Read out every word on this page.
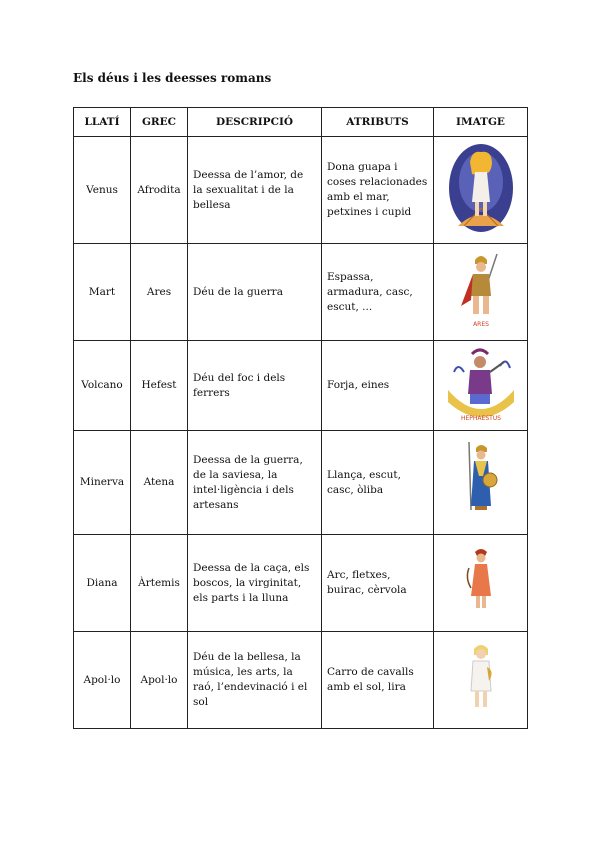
Els déus i les deesses romans
LLATÍ	GREC	DESCRIPCIÓ	ATRIBUTS	IMATGE
Venus	Afrodita	Deessa de l’amor, de la sexualitat i de la bellesa	Dona guapa i coses relacionades amb el mar, petxines i cupid	
Mart	Ares	Déu de la guerra	Espassa, armadura, casc, escut, ...	ARES

Volcano	Hefest	Déu del foc i dels ferrers	Forja, eines	HEPHAESTUS

Minerva	Atena	Deessa de la guerra, de la saviesa, la intel·ligència i dels artesans	Llança, escut, casc, òliba	
Diana	Àrtemis	Deessa de la caça, els boscos, la virginitat, els parts i la lluna	Arc, fletxes, buirac, cèrvola	
Apol·lo	Apol·lo	Déu de la bellesa, la música, les arts, la raó, l’endevinació i el sol	Carro de cavalls amb el sol, lira	
